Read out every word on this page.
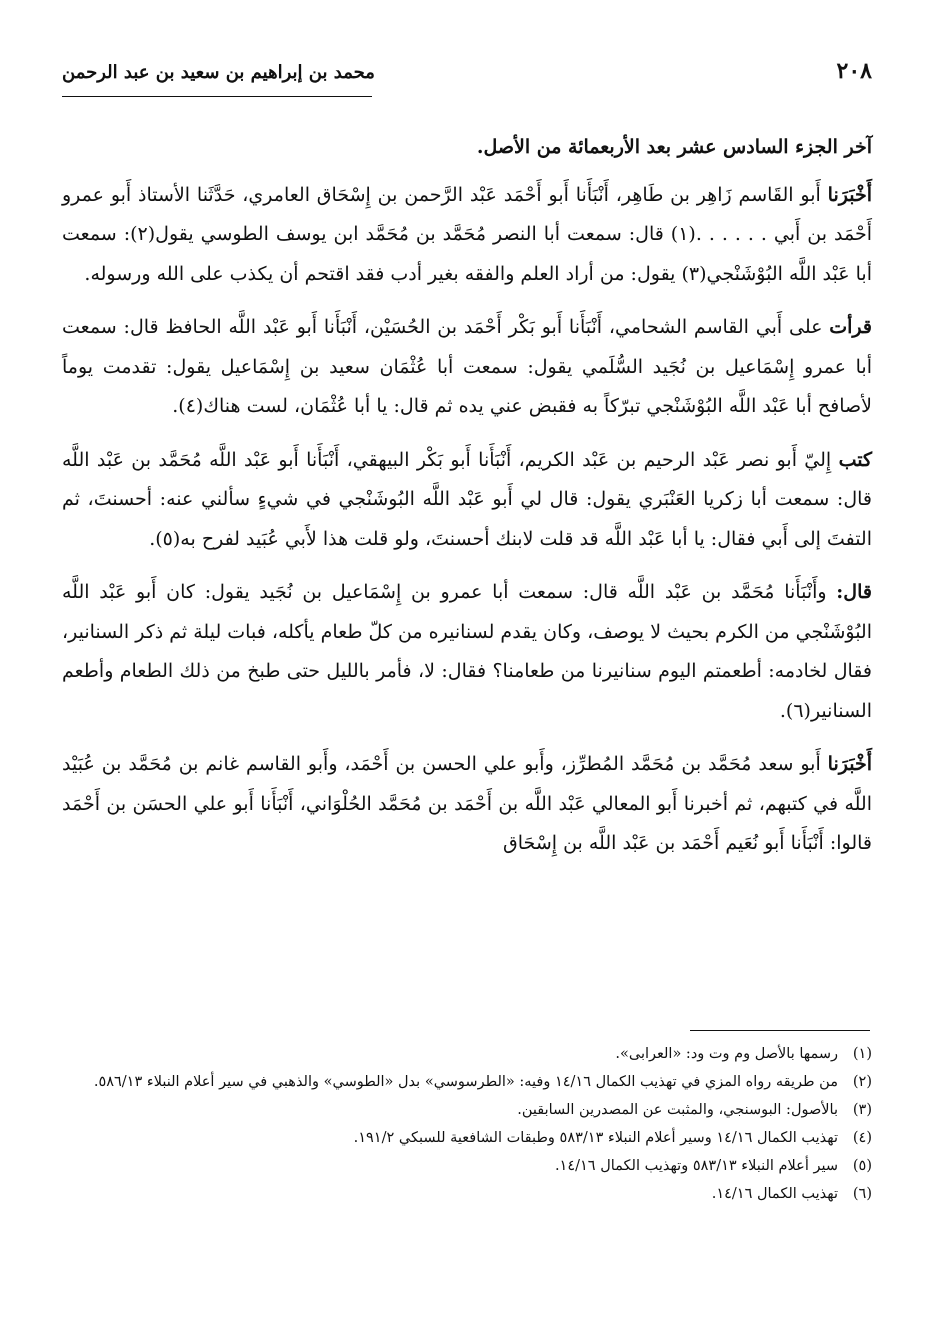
٢٠٨
محمد بن إبراهيم بن سعيد بن عبد الرحمن

آخر الجزء السادس عشر بعد الأربعمائة من الأصل.

أَخْبَرَنا أَبو القَاسم زَاهِر بن طَاهِر، أَنْبَأَنا أَبو أَحْمَد عَبْد الرَّحمن بن إِسْحَاق العامري، حَدَّثَنا الأستاذ أَبو عمرو أَحْمَد بن أَبي . . . . . .(١) قال: سمعت أبا النصر مُحَمَّد بن مُحَمَّد ابن يوسف الطوسي يقول(٢): سمعت أبا عَبْد اللَّه البُوْشَنْجي(٣) يقول: من أراد العلم والفقه بغير أدب فقد اقتحم أن يكذب على الله ورسوله.

قرأت على أَبي القاسم الشحامي، أَنْبَأَنا أَبو بَكْر أَحْمَد بن الحُسَيْن، أَنْبَأَنا أَبو عَبْد اللَّه الحافظ قال: سمعت أبا عمرو إِسْمَاعيل بن نُجَيد السُّلَمي يقول: سمعت أبا عُثْمَان سعيد بن إِسْمَاعيل يقول: تقدمت يوماً لأصافح أبا عَبْد اللَّه البُوْشَنْجي تبرّكاً به فقبض عني يده ثم قال: يا أبا عُثْمَان، لست هناك(٤).

كتب إِليّ أَبو نصر عَبْد الرحيم بن عَبْد الكريم، أَنْبَأَنا أَبو بَكْر البيهقي، أَنْبَأَنا أَبو عَبْد اللَّه مُحَمَّد بن عَبْد اللَّه قال: سمعت أبا زكريا العَنْبَري يقول: قال لي أَبو عَبْد اللَّه البُوشَنْجي في شيءٍ سألني عنه: أحسنتَ، ثم التفتَ إلى أَبي فقال: يا أبا عَبْد اللَّه قد قلت لابنك أحسنتَ، ولو قلت هذا لأَبي عُبَيد لفرح به(٥).

قال: وأَنْبَأَنا مُحَمَّد بن عَبْد اللَّه قال: سمعت أبا عمرو بن إِسْمَاعيل بن نُجَيد يقول: كان أَبو عَبْد اللَّه البُوْشَنْجي من الكرم بحيث لا يوصف، وكان يقدم لسنانيره من كلّ طعام يأكله، فبات ليلة ثم ذكر السنانير، فقال لخادمه: أطعمتم اليوم سنانيرنا من طعامنا؟ فقال: لا، فأمر بالليل حتى طبخ من ذلك الطعام وأطعم السنانير(٦).

أَخْبَرَنا أَبو سعد مُحَمَّد بن مُحَمَّد المُطرِّز، وأَبو علي الحسن بن أَحْمَد، وأَبو القاسم غانم بن مُحَمَّد بن عُبَيْد اللَّه في كتبهم، ثم أخبرنا أَبو المعالي عَبْد اللَّه بن أَحْمَد بن مُحَمَّد الحُلْوَاني، أَنْبَأَنا أَبو علي الحسَن بن أَحْمَد قالوا: أَنْبَأَنا أَبو نُعَيم أَحْمَد بن عَبْد اللَّه بن إِسْحَاق

(١)
رسمها بالأصل وم وت ود: «العرابى».
(٢)
من طريقه رواه المزي في تهذيب الكمال ١٤/١٦ وفيه: «الطرسوسي» بدل «الطوسي» والذهبي في سير أعلام النبلاء ٥٨٦/١٣.
(٣)
بالأصول: البوسنجي، والمثبت عن المصدرين السابقين.
(٤)
تهذيب الكمال ١٤/١٦ وسير أعلام النبلاء ٥٨٣/١٣ وطبقات الشافعية للسبكي ١٩١/٢.
(٥)
سير أعلام النبلاء ٥٨٣/١٣ وتهذيب الكمال ١٤/١٦.
(٦)
تهذيب الكمال ١٤/١٦.
